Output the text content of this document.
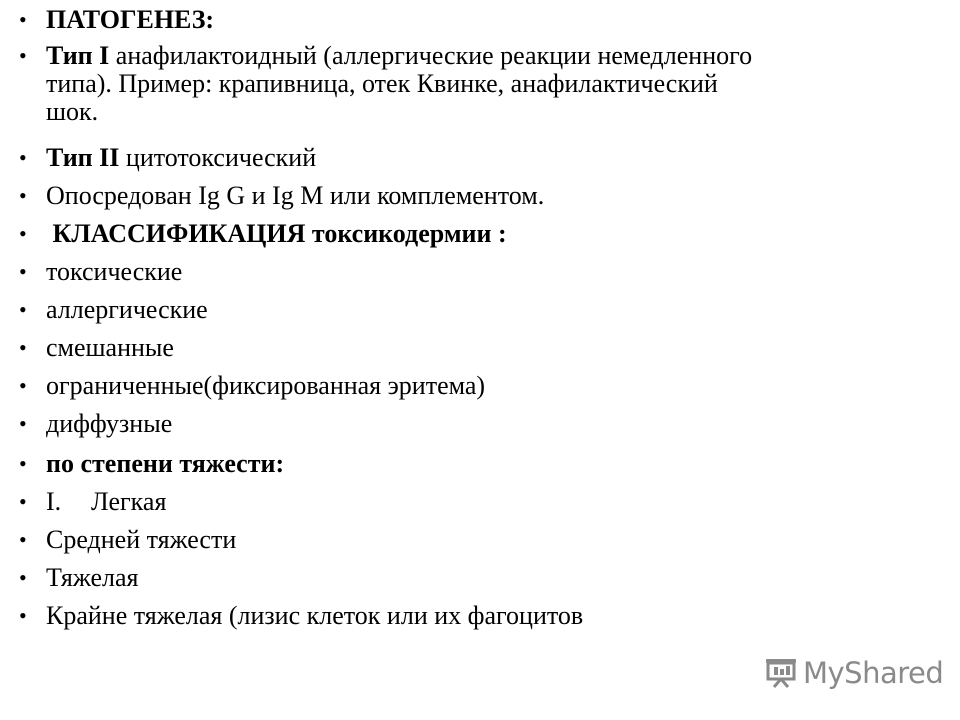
• ПАТОГЕНЕЗ:
• Тип I анафилактоидный (аллергические реакции немедленного
типа). Пример: крапивница, отек Квинке, анафилактический
шок.
• Тип II цитотоксический
• Опосредован Ig G и Ig M или комплементом.
• КЛАССИФИКАЦИЯ токсикодермии :
• токсические
• аллергические
• смешанные
• ограниченные(фиксированная эритема)
• диффузные
• по степени тяжести:
• I. Легкая
• Средней тяжести
• Тяжелая
• Крайне тяжелая (лизис клеток или их фагоцитов
MyShared
